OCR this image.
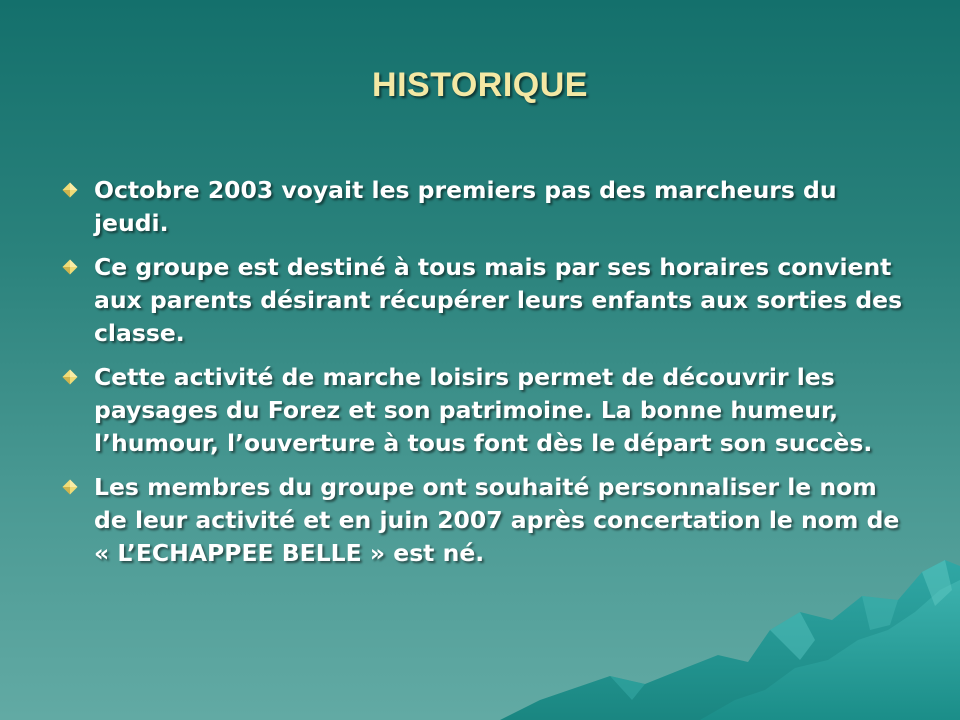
HISTORIQUE
Octobre 2003 voyait les premiers pas des marcheurs du jeudi.
Ce groupe est destiné à tous mais par ses horaires convient aux parents désirant récupérer leurs enfants aux sorties des classe.
Cette activité de marche loisirs permet de découvrir les paysages du Forez et son patrimoine. La bonne humeur, l’humour, l’ouverture à tous font dès le départ son succès.
Les membres du groupe ont souhaité personnaliser le nom de leur activité et en juin 2007 après concertation le nom de « L’ECHAPPEE BELLE » est né.
